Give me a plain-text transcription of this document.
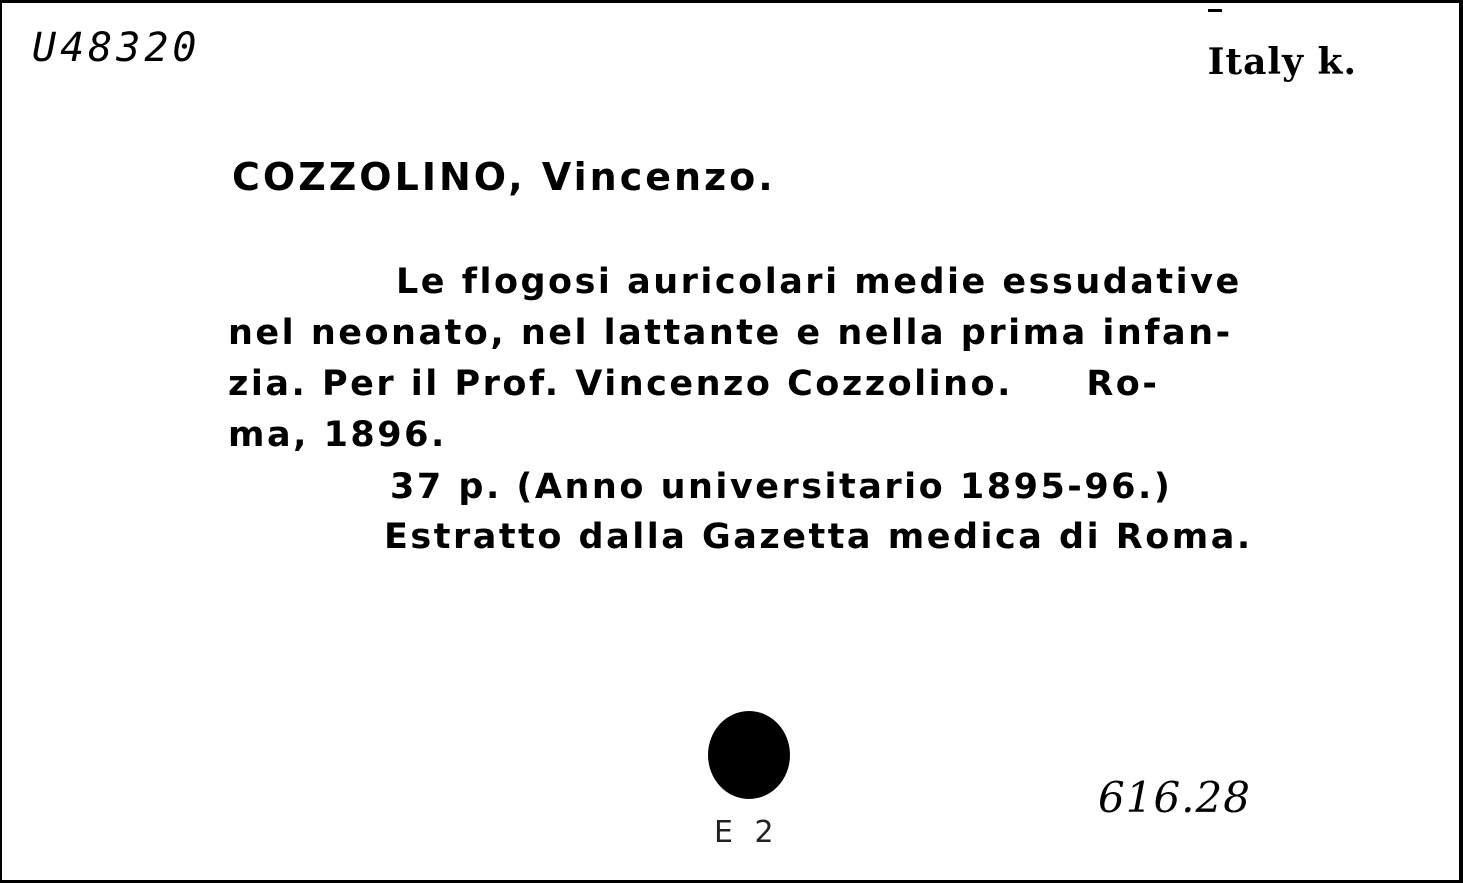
U48320	Italy k.
COZZOLINO, Vincenzo.
Le flogosi auricolari medie essudative
nel neonato, nel lattante e nella prima infan-
zia. Per il Prof. Vincenzo Cozzolino.     Ro-
ma, 1896.
37 p. (Anno universitario 1895-96.)
Estratto dalla Gazetta medica di Roma.
616.28
E 2
